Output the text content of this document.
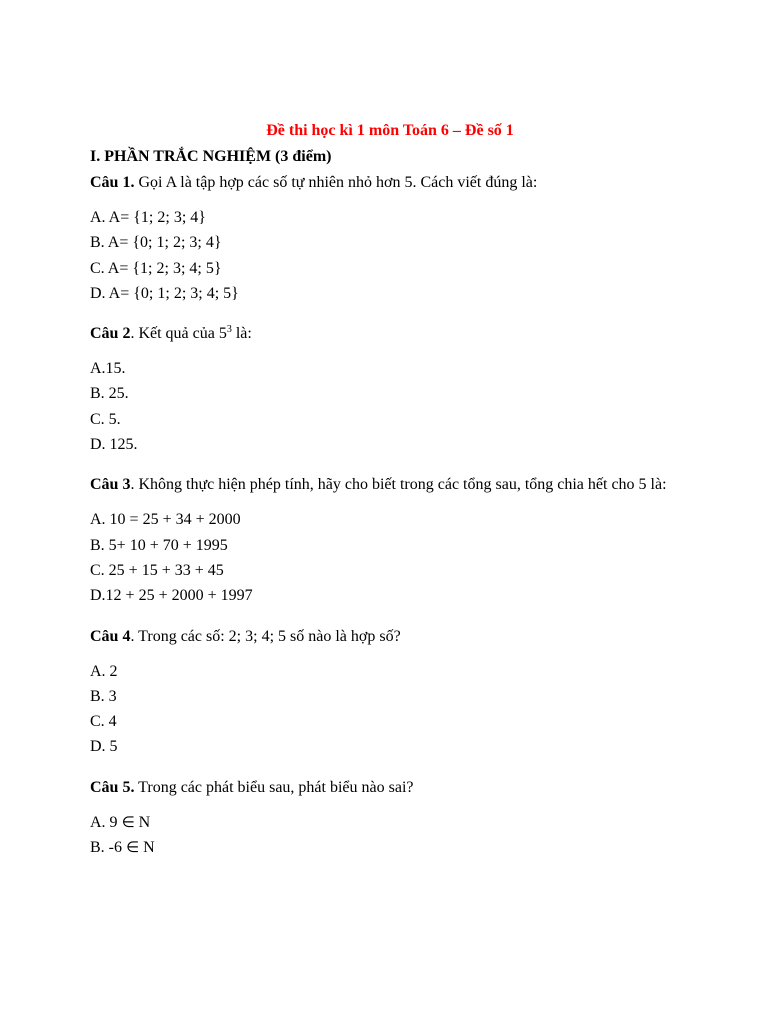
Đề thi học kì 1 môn Toán 6 – Đề số 1

I. PHẦN TRẮC NGHIỆM (3 điểm)

Câu 1. Gọi A là tập hợp các số tự nhiên nhỏ hơn 5. Cách viết đúng là:

A. A= {1; 2; 3; 4}
B. A= {0; 1; 2; 3; 4}
C. A= {1; 2; 3; 4; 5}
D. A= {0; 1; 2; 3; 4; 5}

Câu 2. Kết quả của $5^3$ là:

A.15.
B. 25.
C. 5.
D. 125.

Câu 3. Không thực hiện phép tính, hãy cho biết trong các tổng sau, tổng chia hết cho 5 là:

A. 10 = 25 + 34 + 2000
B. 5+ 10 + 70 + 1995
C. 25 + 15 + 33 + 45
D.12 + 25 + 2000 + 1997

Câu 4. Trong các số: 2; 3; 4; 5 số nào là hợp số?

A. 2
B. 3
C. 4
D. 5

Câu 5. Trong các phát biểu sau, phát biểu nào sai?

A. 9 ∈ N
B. -6 ∈ N
